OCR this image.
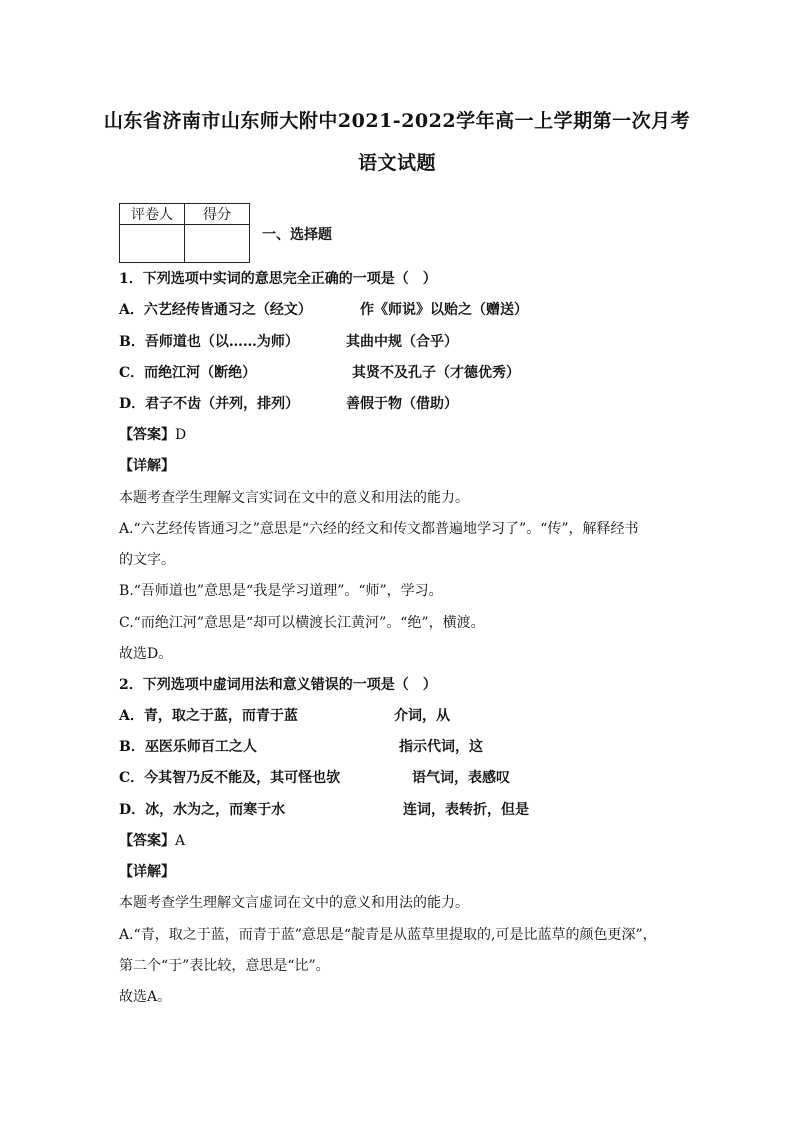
山东省济南市山东师大附中2021-2022学年高一上学期第一次月考
语文试题
评卷人	得分

一、选择题
1．下列选项中实词的意思完全正确的一项是（　）
A．六艺经传皆通习之（经文）	作《师说》以贻之（赠送）
B．吾师道也（以……为师）	其曲中规（合乎）
C．而绝江河（断绝）	其贤不及孔子（才德优秀）
D．君子不齿（并列，排列）	善假于物（借助）
【答案】D
【详解】
本题考查学生理解文言实词在文中的意义和用法的能力。
A.“六艺经传皆通习之”意思是“六经的经文和传文都普遍地学习了”。“传”，解释经书
的文字。
B.“吾师道也”意思是“我是学习道理”。“师”，学习。
C.“而绝江河”意思是“却可以横渡长江黄河”。“绝”，横渡。
故选D。
2．下列选项中虚词用法和意义错误的一项是（　）
A．青，取之于蓝，而青于蓝	介词，从
B．巫医乐师百工之人	指示代词，这
C．今其智乃反不能及，其可怪也欤	语气词，表感叹
D．冰，水为之，而寒于水	连词，表转折，但是
【答案】A
【详解】
本题考查学生理解文言虚词在文中的意义和用法的能力。
A.“青，取之于蓝，而青于蓝”意思是“靛青是从蓝草里提取的,可是比蓝草的颜色更深”，
第二个“于”表比较，意思是“比”。
故选A。
